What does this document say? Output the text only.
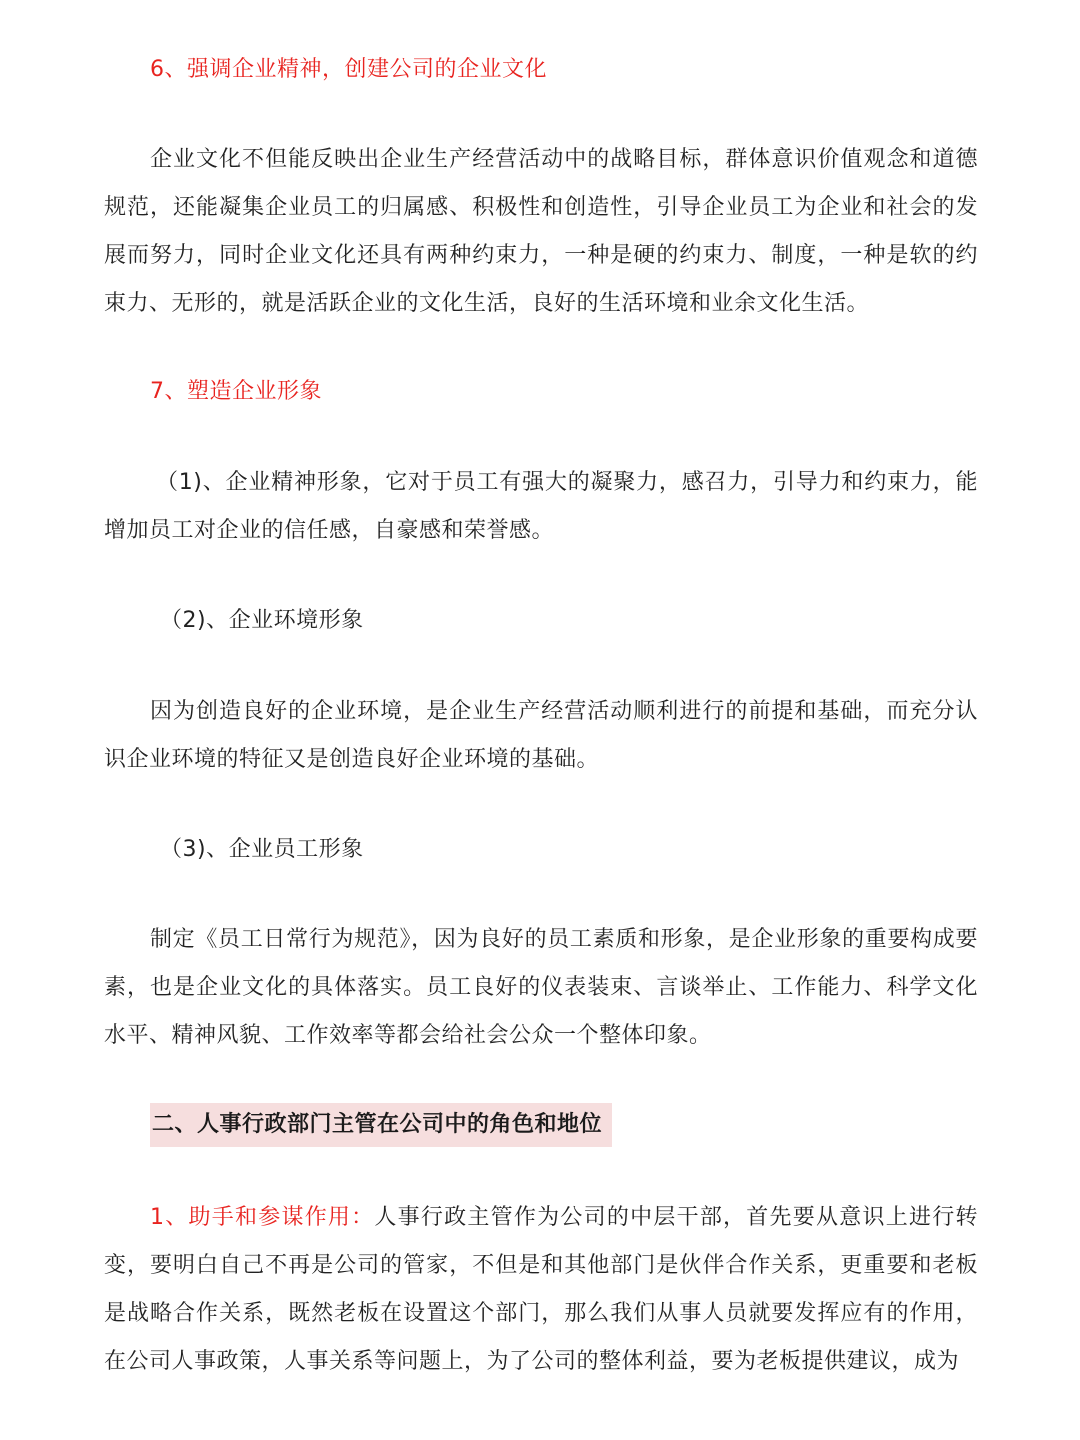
6、强调企业精神，创建公司的企业文化

企业文化不但能反映出企业生产经营活动中的战略目标，群体意识价值观念和道德规范，还能凝集企业员工的归属感、积极性和创造性，引导企业员工为企业和社会的发展而努力，同时企业文化还具有两种约束力，一种是硬的约束力、制度，一种是软的约束力、无形的，就是活跃企业的文化生活，良好的生活环境和业余文化生活。

7、塑造企业形象

（1)、企业精神形象，它对于员工有强大的凝聚力，感召力，引导力和约束力，能增加员工对企业的信任感，自豪感和荣誉感。

（2)、企业环境形象

因为创造良好的企业环境，是企业生产经营活动顺利进行的前提和基础，而充分认识企业环境的特征又是创造良好企业环境的基础。

（3)、企业员工形象

制定《员工日常行为规范》，因为良好的员工素质和形象，是企业形象的重要构成要素，也是企业文化的具体落实。员工良好的仪表装束、言谈举止、工作能力、科学文化水平、精神风貌、工作效率等都会给社会公众一个整体印象。

二、人事行政部门主管在公司中的角色和地位

1、助手和参谋作用：人事行政主管作为公司的中层干部，首先要从意识上进行转变，要明白自己不再是公司的管家，不但是和其他部门是伙伴合作关系，更重要和老板是战略合作关系，既然老板在设置这个部门，那么我们从事人员就要发挥应有的作用，在公司人事政策，人事关系等问题上，为了公司的整体利益，要为老板提供建议，成为
